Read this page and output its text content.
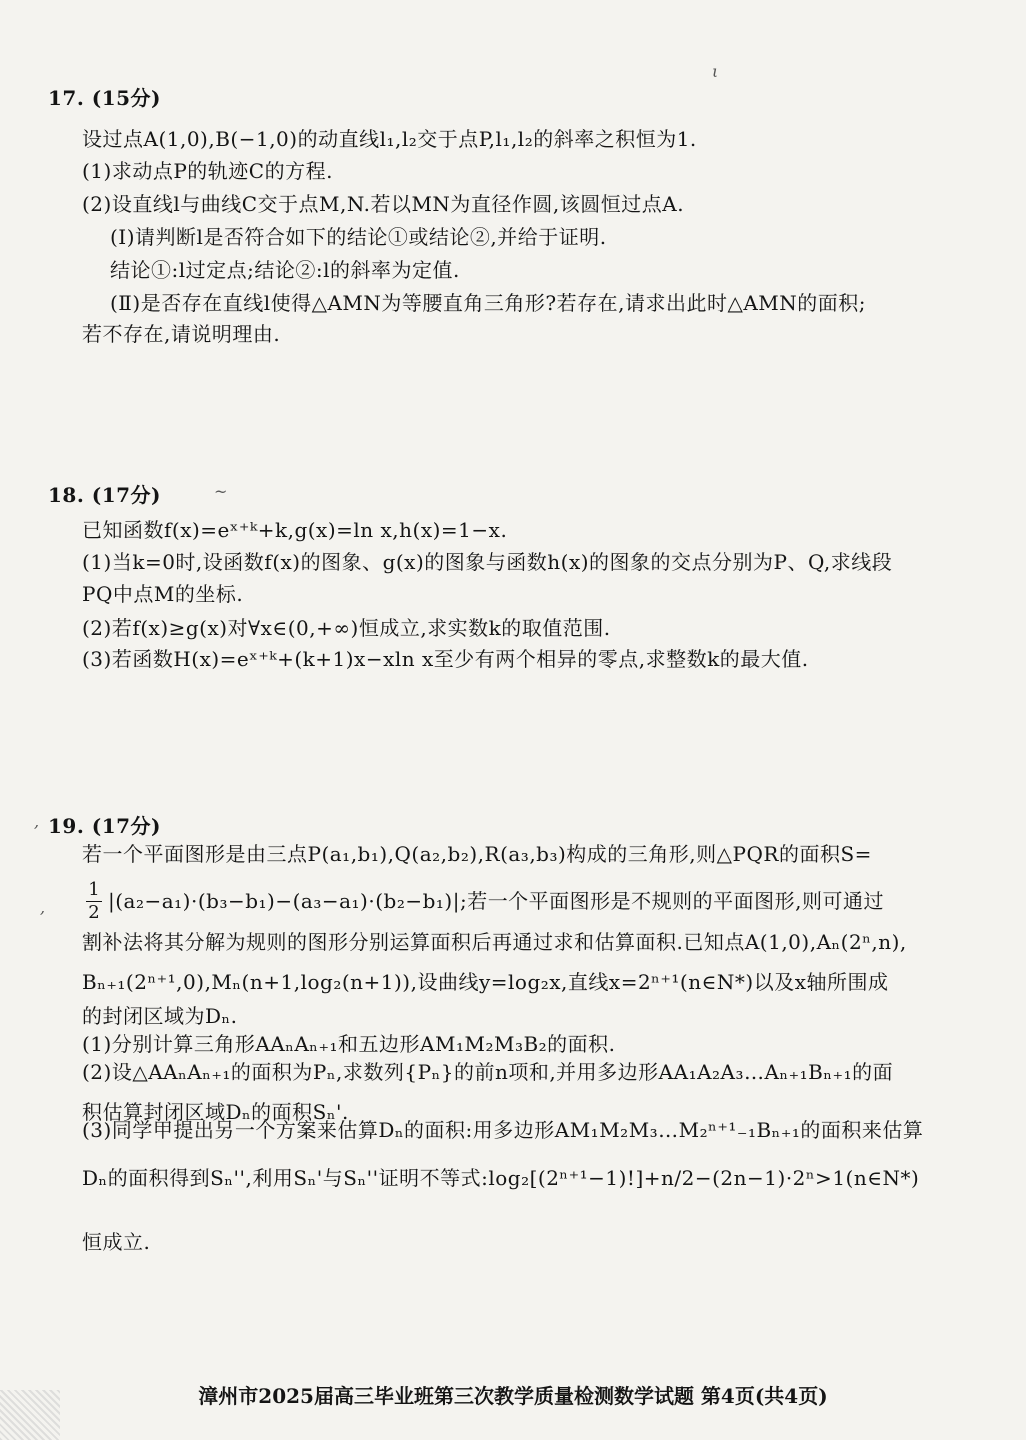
17. (15分)
设过点A(1,0),B(−1,0)的动直线l₁,l₂交于点P,l₁,l₂的斜率之积恒为1.
(1)求动点P的轨迹C的方程.
(2)设直线l与曲线C交于点M,N.若以MN为直径作圆,该圆恒过点A.
(Ⅰ)请判断l是否符合如下的结论①或结论②,并给于证明.
结论①:l过定点;结论②:l的斜率为定值.
(Ⅱ)是否存在直线l使得△AMN为等腰直角三角形?若存在,请求出此时△AMN的面积;
若不存在,请说明理由.
18. (17分)
已知函数f(x)=eˣ⁺ᵏ+k,g(x)=ln x,h(x)=1−x.
(1)当k=0时,设函数f(x)的图象、g(x)的图象与函数h(x)的图象的交点分别为P、Q,求线段
PQ中点M的坐标.
(2)若f(x)≥g(x)对∀x∈(0,+∞)恒成立,求实数k的取值范围.
(3)若函数H(x)=eˣ⁺ᵏ+(k+1)x−xln x至少有两个相异的零点,求整数k的最大值.
19. (17分)
若一个平面图形是由三点P(a₁,b₁),Q(a₂,b₂),R(a₃,b₃)构成的三角形,则△PQR的面积S=
1
2 |(a₂−a₁)·(b₃−b₁)−(a₃−a₁)·(b₂−b₁)|;若一个平面图形是不规则的平面图形,则可通过
割补法将其分解为规则的图形分别运算面积后再通过求和估算面积.已知点A(1,0),Aₙ(2ⁿ,n),
Bₙ₊₁(2ⁿ⁺¹,0),Mₙ(n+1,log₂(n+1)),设曲线y=log₂x,直线x=2ⁿ⁺¹(n∈N*)以及x轴所围成
的封闭区域为Dₙ.
(1)分别计算三角形AAₙAₙ₊₁和五边形AM₁M₂M₃B₂的面积.
(2)设△AAₙAₙ₊₁的面积为Pₙ,求数列{Pₙ}的前n项和,并用多边形AA₁A₂A₃…Aₙ₊₁Bₙ₊₁的面
积估算封闭区域Dₙ的面积Sₙ'.
(3)同学甲提出另一个方案来估算Dₙ的面积:用多边形AM₁M₂M₃…M₂ⁿ⁺¹₋₁Bₙ₊₁的面积来估算
Dₙ的面积得到Sₙ'',利用Sₙ'与Sₙ''证明不等式:log₂[(2ⁿ⁺¹−1)!]+n/2−(2n−1)·2ⁿ>1(n∈N*)
恒成立.
ι
~
,
,
漳州市2025届高三毕业班第三次教学质量检测数学试题 第4页(共4页)
